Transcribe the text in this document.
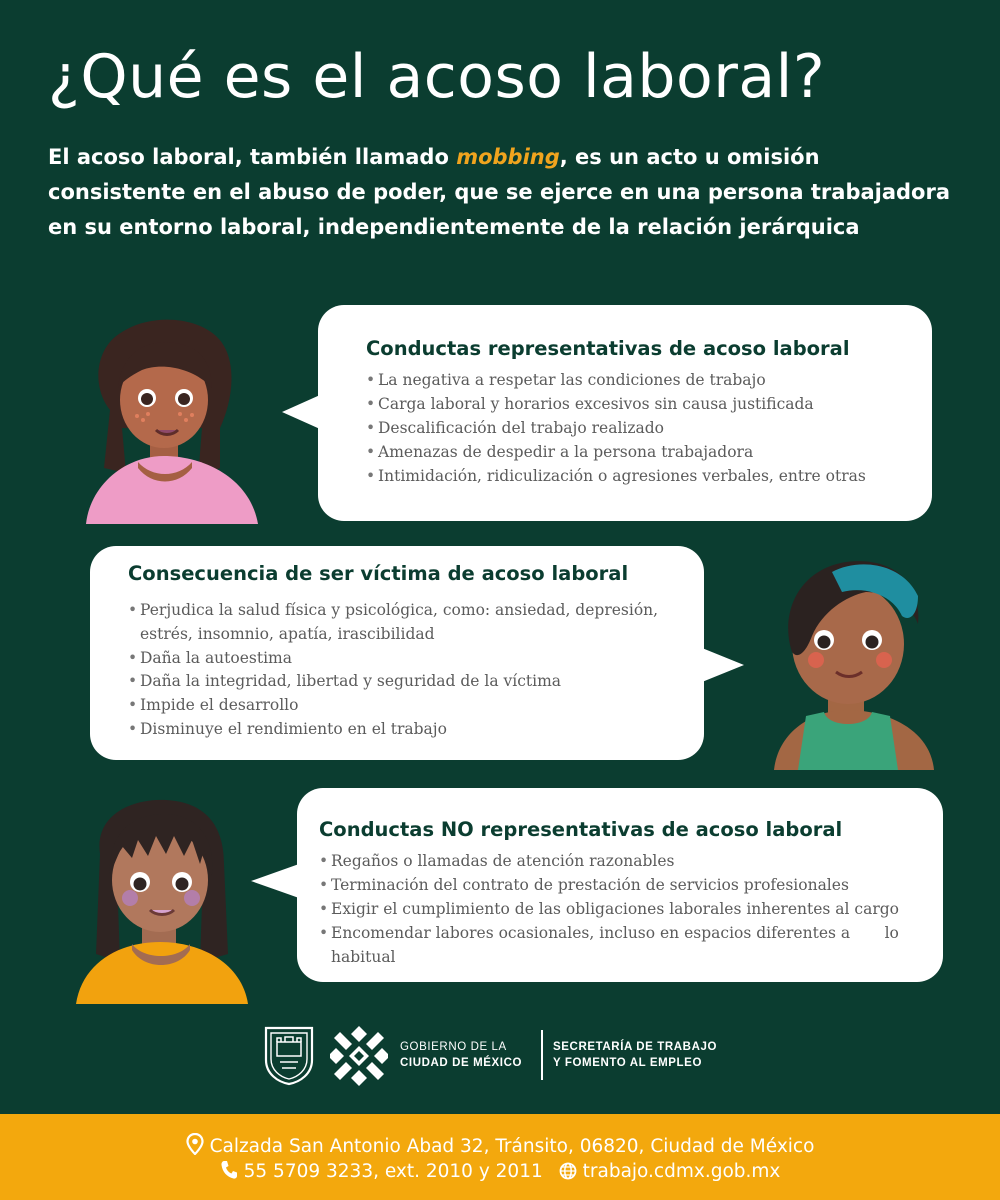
¿Qué es el acoso laboral?

El acoso laboral, también llamado mobbing, es un acto u omisión consistente en el abuso de poder, que se ejerce en una persona trabajadora en su entorno laboral, independientemente de la relación jerárquica

Conductas representativas de acoso laboral
• La negativa a respetar las condiciones de trabajo
• Carga laboral y horarios excesivos sin causa justificada
• Descalificación del trabajo realizado
• Amenazas de despedir a la persona trabajadora
• Intimidación, ridiculización o agresiones verbales, entre otras
Consecuencia de ser víctima de acoso laboral
• Perjudica la salud física y psicológica, como: ansiedad, depresión, estrés, insomnio, apatía, irascibilidad
• Daña la autoestima
• Daña la integridad, libertad y seguridad de la víctima
• Impide el desarrollo
• Disminuye el rendimiento en el trabajo
Conductas NO representativas de acoso laboral
• Regaños o llamadas de atención razonables
• Terminación del contrato de prestación de servicios profesionales
• Exigir el cumplimiento de las obligaciones laborales inherentes al cargo
• Encomendar labores ocasionales, incluso en espacios diferentes a       lo habitual
GOBIERNO DE LA
CIUDAD DE MÉXICO
SECRETARÍA DE TRABAJO
Y FOMENTO AL EMPLEO
Calzada San Antonio Abad 32, Tránsito, 06820, Ciudad de México
55 5709 3233, ext. 2010 y 2011 trabajo.cdmx.gob.mx
